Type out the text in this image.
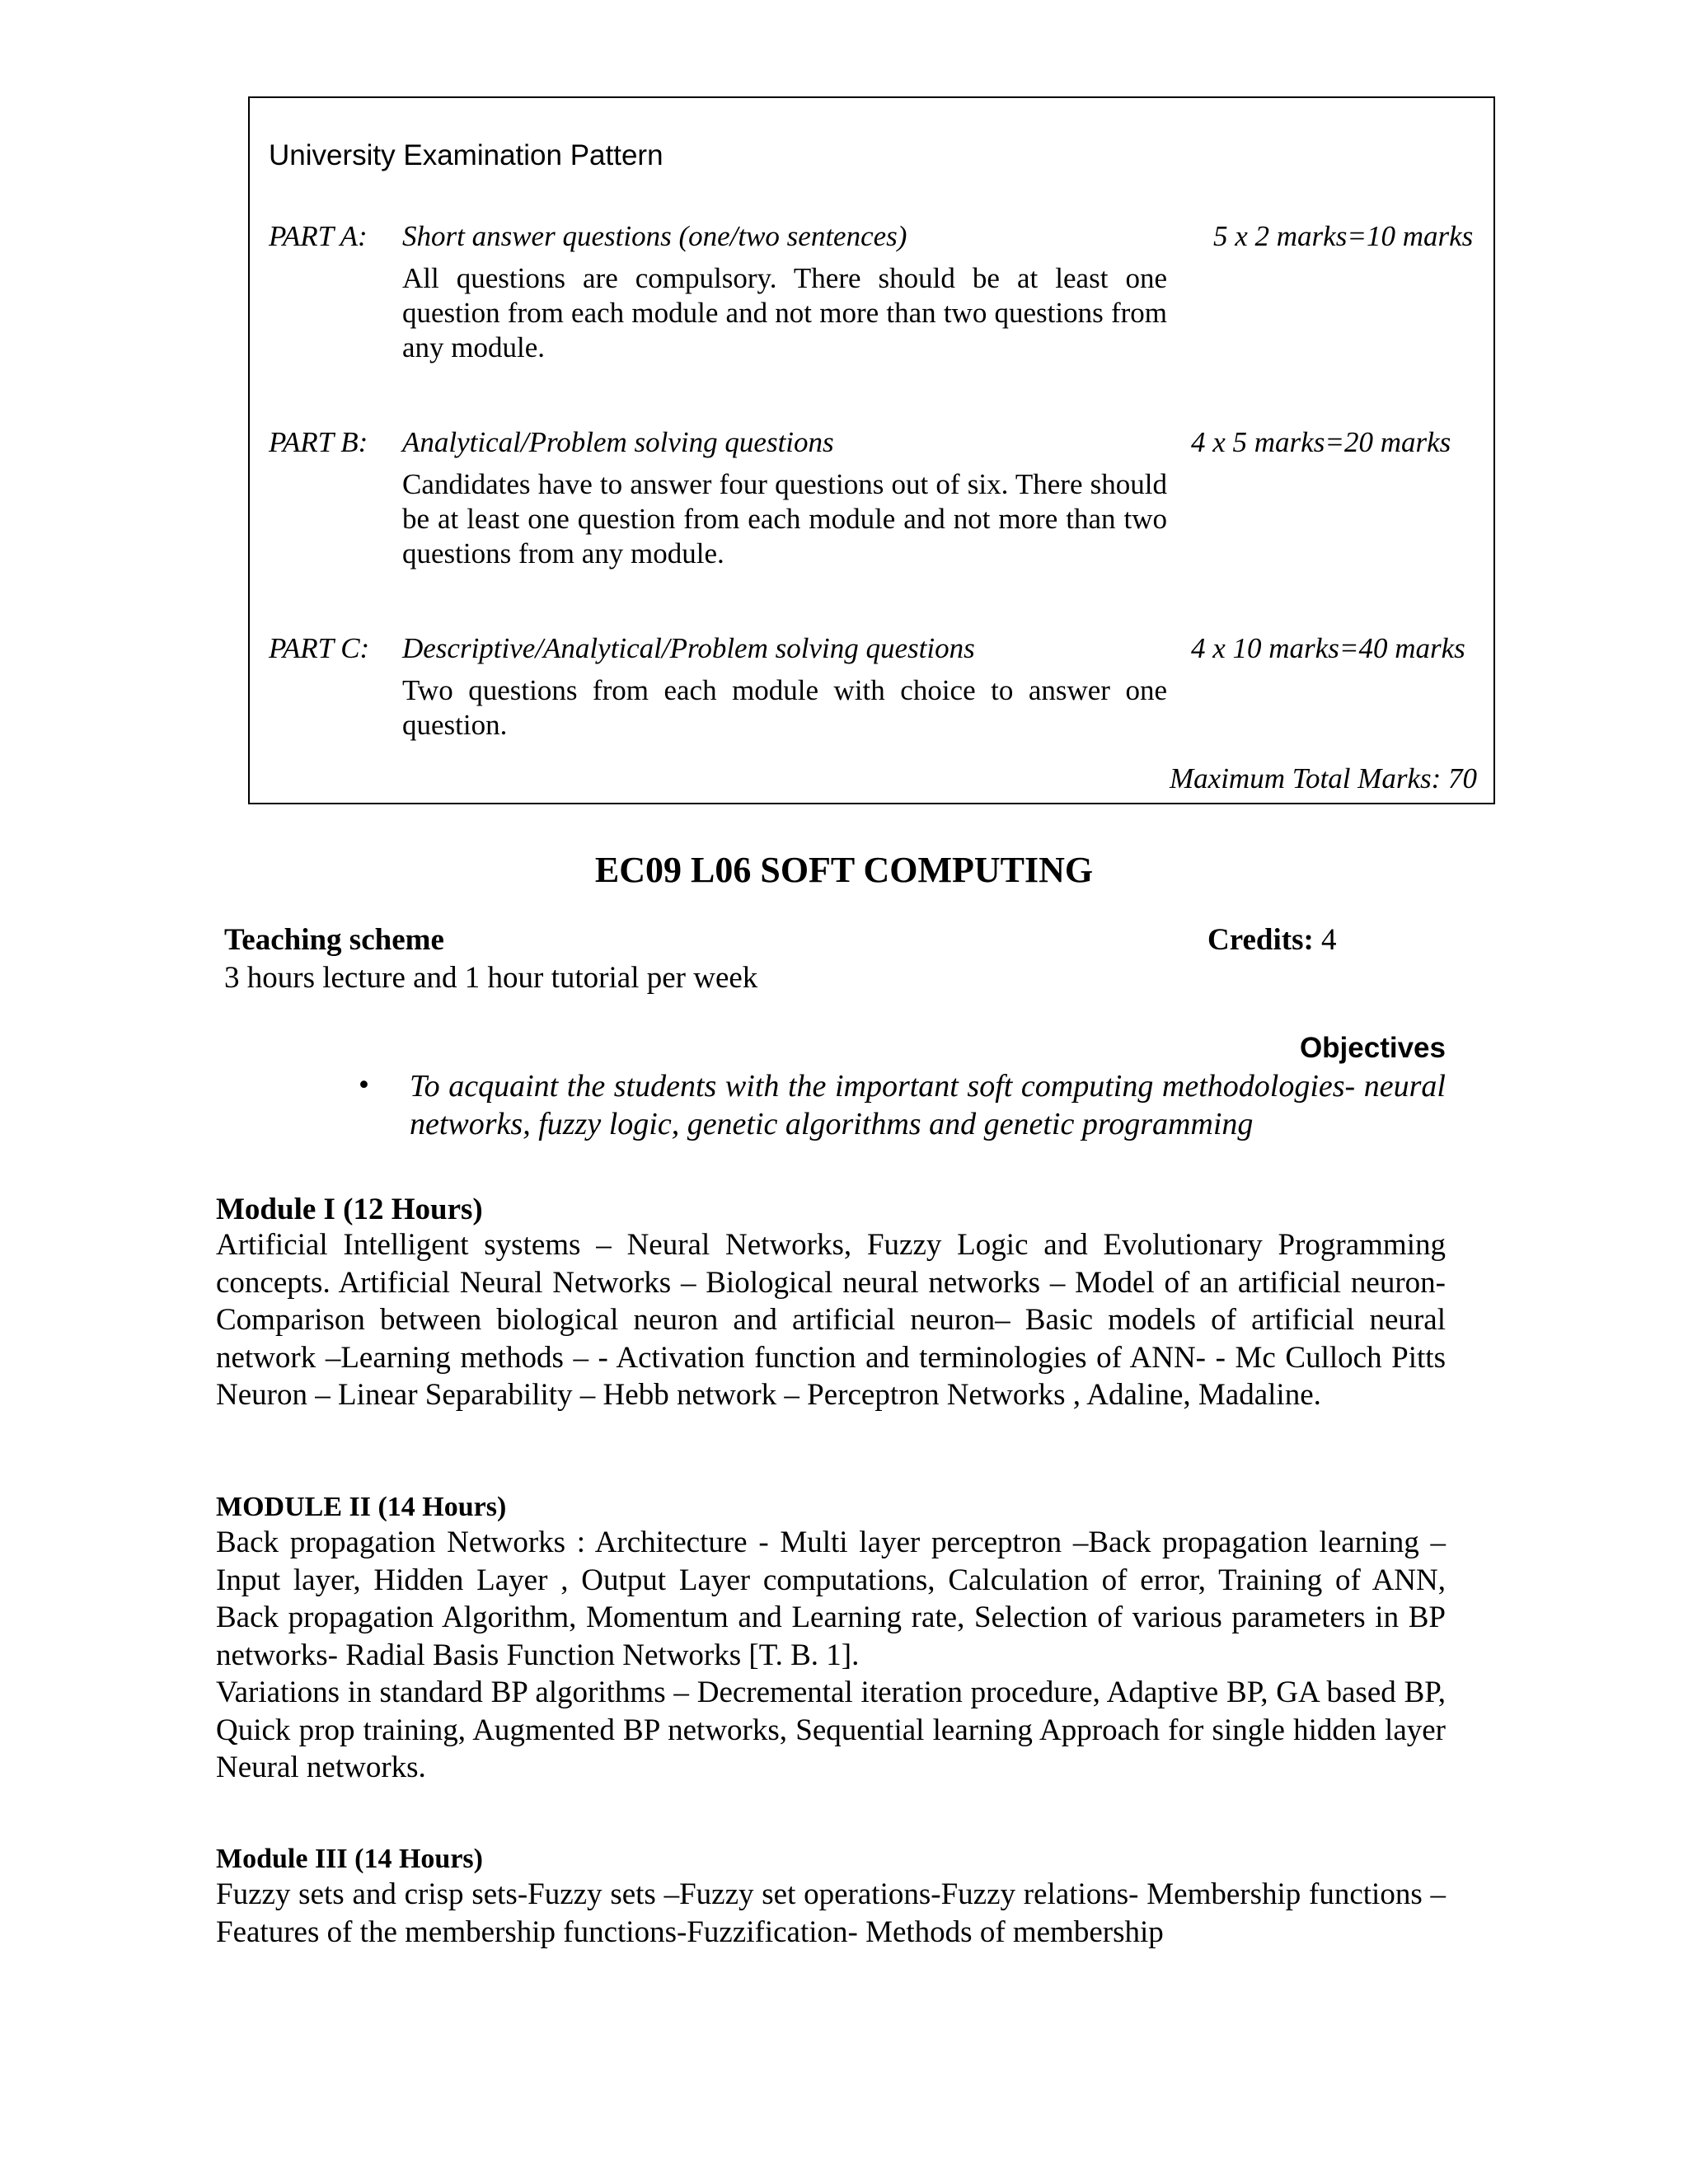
University Examination Pattern
PART A: Short answer questions (one/two sentences)	5 x 2 marks=10 marks
All questions are compulsory. There should be at least one question from each module and not more than two questions from any module.
PART B: Analytical/Problem solving questions	4 x 5 marks=20 marks
Candidates have to answer four questions out of six. There should be at least one question from each module and not more than two questions from any module.
PART C: Descriptive/Analytical/Problem solving questions	4 x 10 marks=40 marks
Two questions from each module with choice to answer one question.
Maximum Total Marks: 70
EC09 L06 SOFT COMPUTING
Teaching scheme	Credits: 4
3 hours lecture and 1 hour tutorial per week
Objectives
• To acquaint the students with the important soft computing methodologies- neural networks, fuzzy logic, genetic algorithms and genetic programming
Module I (12 Hours)

Artificial Intelligent systems – Neural Networks, Fuzzy Logic and Evolutionary Programming concepts. Artificial Neural Networks – Biological neural networks – Model of an artificial neuron- Comparison between biological neuron and artificial neuron– Basic models of artificial neural network –Learning methods – - Activation function and terminologies of ANN- - Mc Culloch Pitts Neuron – Linear Separability – Hebb network – Perceptron Networks , Adaline, Madaline.

MODULE II (14 Hours)

Back propagation Networks : Architecture - Multi layer perceptron –Back propagation learning – Input layer, Hidden Layer , Output Layer computations, Calculation of error, Training of ANN, Back propagation Algorithm, Momentum and Learning rate, Selection of various parameters in BP networks- Radial Basis Function Networks [T. B. 1].

Variations in standard BP algorithms – Decremental iteration procedure, Adaptive BP, GA based BP, Quick prop training, Augmented BP networks, Sequential learning Approach for single hidden layer Neural networks.

Module III (14 Hours)

Fuzzy sets and crisp sets-Fuzzy sets –Fuzzy set operations-Fuzzy relations- Membership functions – Features of the membership functions-Fuzzification- Methods of membership
